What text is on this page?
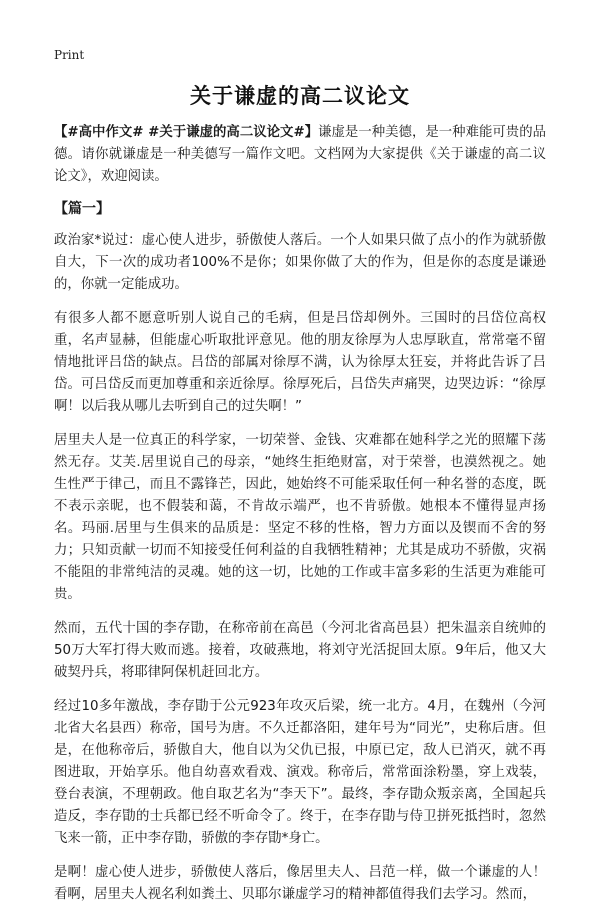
Print
关于谦虚的高二议论文

【#高中作文# #关于谦虚的高二议论文#】谦虚是一种美德，是一种难能可贵的品德。请你就谦虚是一种美德写一篇作文吧。文档网为大家提供《关于谦虚的高二议论文》，欢迎阅读。

【篇一】

政治家*说过：虚心使人进步，骄傲使人落后。一个人如果只做了点小的作为就骄傲自大，下一次的成功者100%不是你；如果你做了大的作为，但是你的态度是谦逊的，你就一定能成功。

有很多人都不愿意听别人说自己的毛病，但是吕岱却例外。三国时的吕岱位高权重，名声显赫，但能虚心听取批评意见。他的朋友徐厚为人忠厚耿直，常常毫不留情地批评吕岱的缺点。吕岱的部属对徐厚不满，认为徐厚太狂妄，并将此告诉了吕岱。可吕岱反而更加尊重和亲近徐厚。徐厚死后，吕岱失声痛哭，边哭边诉：“徐厚啊！以后我从哪儿去听到自己的过失啊！”

居里夫人是一位真正的科学家，一切荣誉、金钱、灾难都在她科学之光的照耀下荡然无存。艾芙.居里说自己的母亲，“她终生拒绝财富，对于荣誉，也漠然视之。她生性严于律己，而且不露锋芒，因此，她始终不可能采取任何一种名誉的态度，既不表示亲昵，也不假装和蔼，不肯故示端严，也不肯骄傲。她根本不懂得显声扬名。玛丽.居里与生俱来的品质是：坚定不移的性格，智力方面以及锲而不舍的努力；只知贡献一切而不知接受任何利益的自我牺牲精神；尤其是成功不骄傲，灾祸不能阻的非常纯洁的灵魂。她的这一切，比她的工作或丰富多彩的生活更为难能可贵。

然而，五代十国的李存勖，在称帝前在高邑（今河北省高邑县）把朱温亲自统帅的50万大军打得大败而逃。接着，攻破燕地，将刘守光活捉回太原。9年后，他又大破契丹兵，将耶律阿保机赶回北方。

经过10多年激战，李存勖于公元923年攻灭后梁，统一北方。4月，在魏州（今河北省大名县西）称帝，国号为唐。不久迁都洛阳，建年号为“同光”，史称后唐。但是，在他称帝后，骄傲自大，他自以为父仇已报，中原已定，敌人已消灭，就不再图进取，开始享乐。他自幼喜欢看戏、演戏。称帝后，常常面涂粉墨，穿上戏装，登台表演，不理朝政。他自取艺名为“李天下”。最终，李存勖众叛亲离，全国起兵造反，李存勖的士兵都已经不听命令了。终于，在李存勖与侍卫拼死抵挡时，忽然飞来一箭，正中李存勖，骄傲的李存勖*身亡。

是啊！虚心使人进步，骄傲使人落后，像居里夫人、吕范一样，做一个谦虚的人！看啊，居里夫人视名利如粪土、贝耶尔谦虚学习的精神都值得我们去学习。然而，
